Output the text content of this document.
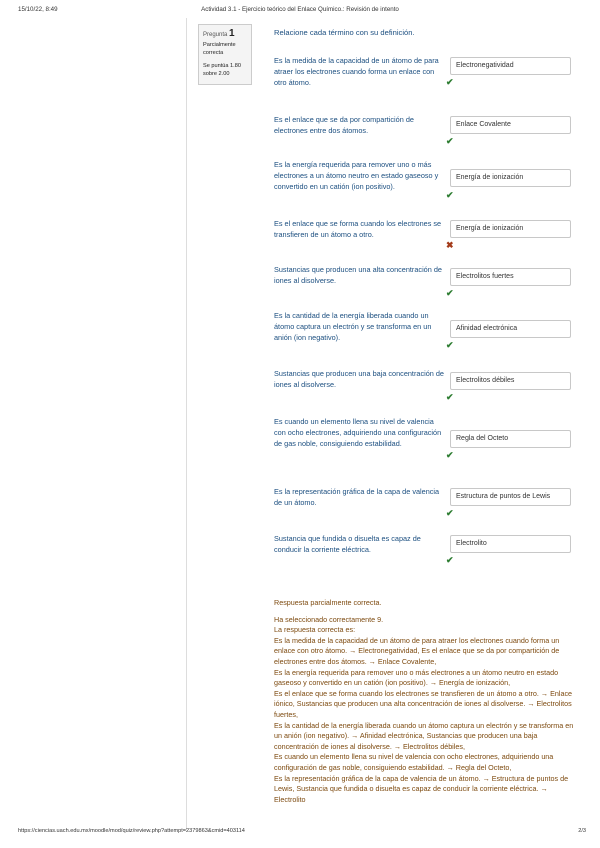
Actividad 3.1 - Ejercicio teórico del Enlace Químico.: Revisión de intento
15/10/22, 8:49
Pregunta 1
Parcialmente correcta
Se puntúa 1.80 sobre 2.00
Relacione cada término con su definición.
Es la medida de la capacidad de un átomo de para atraer los electrones cuando forma un enlace con otro átomo.
Electronegatividad
✔
Es el enlace que se da por compartición de electrones entre dos átomos.
Enlace Covalente
✔
Es la energía requerida para remover uno o más electrones a un átomo neutro en estado gaseoso y convertido en un catión (ion positivo).
Energía de ionización
✔
Es el enlace que se forma cuando los electrones se transfieren de un átomo a otro.
Energía de ionización
✖
Sustancias que producen una alta concentración de iones al disolverse.	Electrolitos fuertes
✔
Es la cantidad de la energía liberada cuando un átomo captura un electrón y se transforma en un anión (ion negativo).
Afinidad electrónica
✔
Sustancias que producen una baja concentración de iones al disolverse.	Electrolitos débiles
✔
Es cuando un elemento llena su nivel de valencia con ocho electrones, adquiriendo una configuración de gas noble, consiguiendo estabilidad.
Regla del Octeto
✔
Es la representación gráfica de la capa de valencia de un átomo.
Estructura de puntos de Lewis
✔
Sustancia que fundida o disuelta es capaz de conducir la corriente eléctrica.
Electrolito
✔
Respuesta parcialmente correcta.

Ha seleccionado correctamente 9.

La respuesta correcta es:

Es la medida de la capacidad de un átomo de para atraer los electrones cuando forma un enlace con otro átomo. → Electronegatividad, Es el enlace que se da por compartición de electrones entre dos átomos. → Enlace Covalente,

Es la energía requerida para remover uno o más electrones a un átomo neutro en estado gaseoso y convertido en un catión (ion positivo). → Energía de ionización,

Es el enlace que se forma cuando los electrones se transfieren de un átomo a otro. → Enlace iónico, Sustancias que producen una alta concentración de iones al disolverse. → Electrolitos fuertes,

Es la cantidad de la energía liberada cuando un átomo captura un electrón y se transforma en un anión (ion negativo). → Afinidad electrónica, Sustancias que producen una baja concentración de iones al disolverse. → Electrolitos débiles,

Es cuando un elemento llena su nivel de valencia con ocho electrones, adquiriendo una configuración de gas noble, consiguiendo estabilidad. → Regla del Octeto,

Es la representación gráfica de la capa de valencia de un átomo. → Estructura de puntos de Lewis, Sustancia que fundida o disuelta es capaz de conducir la corriente eléctrica. → Electrolito

https://ciencias.uach.edu.mx/moodle/mod/quiz/review.php?attempt=2379863&cmid=403114	2/3
